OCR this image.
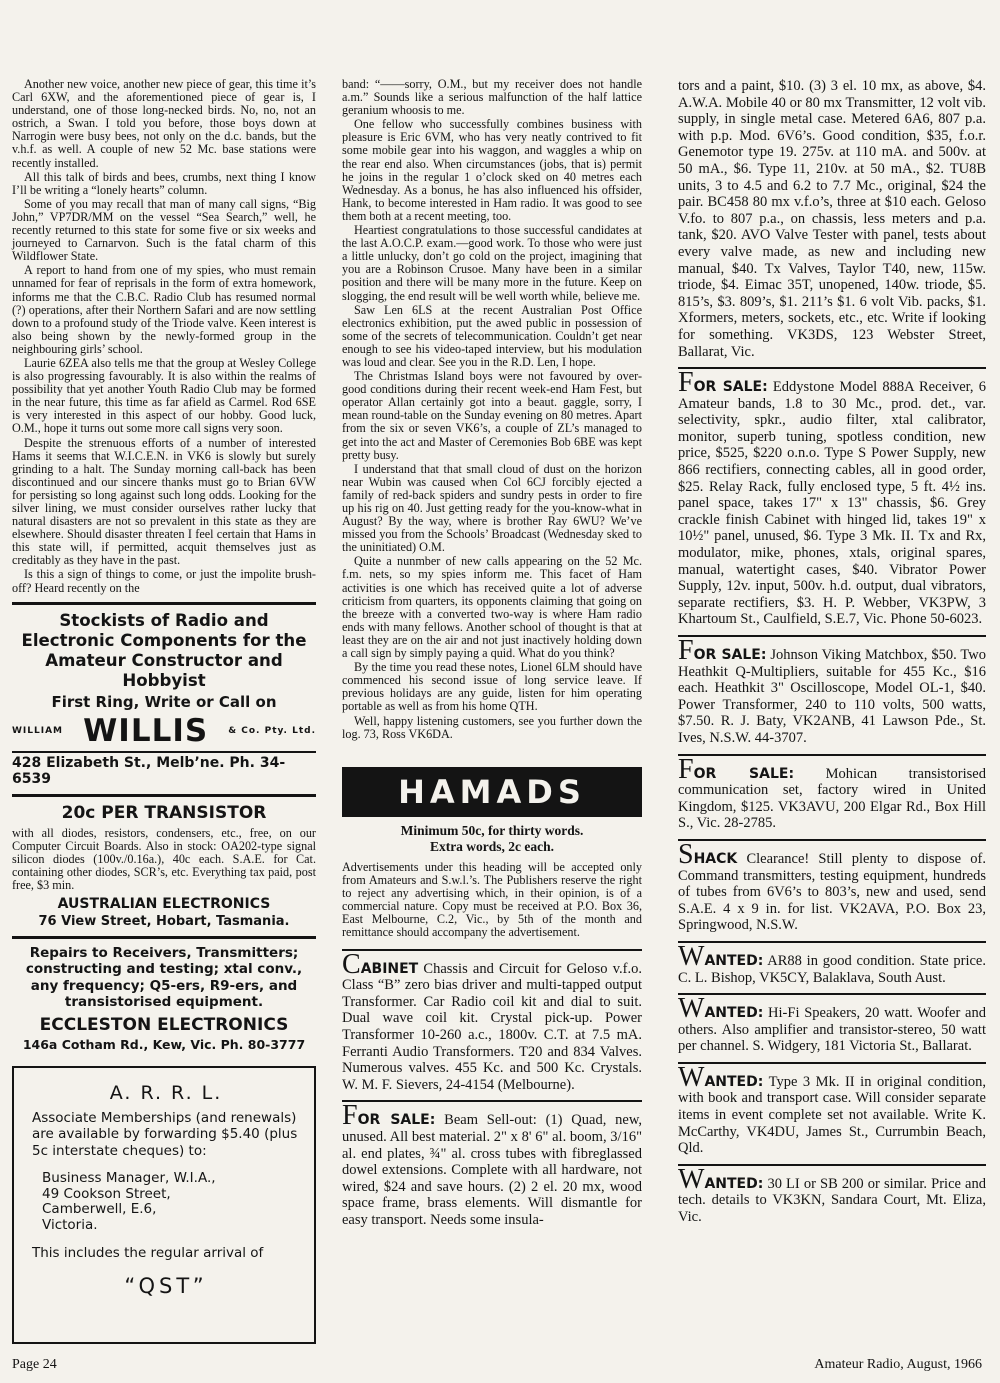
Another new voice, another new piece of gear, this time it’s Carl 6XW, and the aforementioned piece of gear is, I understand, one of those long-necked birds. No, no, not an ostrich, a Swan. I told you before, those boys down at Narrogin were busy bees, not only on the d.c. bands, but the v.h.f. as well. A couple of new 52 Mc. base stations were recently installed.

All this talk of birds and bees, crumbs, next thing I know I’ll be writing a “lonely hearts” column.

Some of you may recall that man of many call signs, “Big John,” VP7DR/MM on the vessel “Sea Search,” well, he recently returned to this state for some five or six weeks and journeyed to Carnarvon. Such is the fatal charm of this Wildflower State.

A report to hand from one of my spies, who must remain unnamed for fear of reprisals in the form of extra homework, informs me that the C.B.C. Radio Club has resumed normal (?) operations, after their Northern Safari and are now settling down to a profound study of the Triode valve. Keen interest is also being shown by the newly-formed group in the neighbouring girls’ school.

Laurie 6ZEA also tells me that the group at Wesley College is also progressing favourably. It is also within the realms of possibility that yet another Youth Radio Club may be formed in the near future, this time as far afield as Carmel. Rod 6SE is very interested in this aspect of our hobby. Good luck, O.M., hope it turns out some more call signs very soon.

Despite the strenuous efforts of a number of interested Hams it seems that W.I.C.E.N. in VK6 is slowly but surely grinding to a halt. The Sunday morning call-back has been discontinued and our sincere thanks must go to Brian 6VW for persisting so long against such long odds. Looking for the silver lining, we must consider ourselves rather lucky that natural disasters are not so prevalent in this state as they are elsewhere. Should disaster threaten I feel certain that Hams in this state will, if permitted, acquit themselves just as creditably as they have in the past.

Is this a sign of things to come, or just the impolite brush-off? Heard recently on the

Stockists of Radio and Electronic Components for the Amateur Constructor and Hobbyist
First Ring, Write or Call on
WILLIAM WILLIS & Co. Pty. Ltd.
428 Elizabeth St., Melb’ne. Ph. 34-6539
20c PER TRANSISTOR
with all diodes, resistors, condensers, etc., free, on our Computer Circuit Boards. Also in stock: OA202-type signal silicon diodes (100v./0.16a.), 40c each. S.A.E. for Cat. containing other diodes, SCR’s, etc. Everything tax paid, post free, $3 min.
AUSTRALIAN ELECTRONICS
76 View Street, Hobart, Tasmania.
Repairs to Receivers, Transmitters; constructing and testing; xtal conv., any frequency; Q5-ers, R9-ers, and transistorised equipment.
ECCLESTON ELECTRONICS
146a Cotham Rd., Kew, Vic. Ph. 80-3777
A. R. R. L.
Associate Memberships (and renewals) are available by forwarding $5.40 (plus 5c interstate cheques) to:
Business Manager, W.I.A.,
49 Cookson Street,
Camberwell, E.6,
Victoria.
This includes the regular arrival of
“QST”

band: “——sorry, O.M., but my receiver does not handle a.m.” Sounds like a serious malfunction of the half lattice geranium whoosis to me.

One fellow who successfully combines business with pleasure is Eric 6VM, who has very neatly contrived to fit some mobile gear into his waggon, and waggles a whip on the rear end also. When circumstances (jobs, that is) permit he joins in the regular 1 o’clock sked on 40 metres each Wednesday. As a bonus, he has also influenced his offsider, Hank, to become interested in Ham radio. It was good to see them both at a recent meeting, too.

Heartiest congratulations to those successful candidates at the last A.O.C.P. exam.—good work. To those who were just a little unlucky, don’t go cold on the project, imagining that you are a Robinson Crusoe. Many have been in a similar position and there will be many more in the future. Keep on slogging, the end result will be well worth while, believe me.

Saw Len 6LS at the recent Australian Post Office electronics exhibition, put the awed public in possession of some of the secrets of telecommunication. Couldn’t get near enough to see his video-taped interview, but his modulation was loud and clear. See you in the R.D. Len, I hope.

The Christmas Island boys were not favoured by over-good conditions during their recent week-end Ham Fest, but operator Allan certainly got into a beaut. gaggle, sorry, I mean round-table on the Sunday evening on 80 metres. Apart from the six or seven VK6’s, a couple of ZL’s managed to get into the act and Master of Ceremonies Bob 6BE was kept pretty busy.

I understand that that small cloud of dust on the horizon near Wubin was caused when Col 6CJ forcibly ejected a family of red-back spiders and sundry pests in order to fire up his rig on 40. Just getting ready for the you-know-what in August? By the way, where is brother Ray 6WU? We’ve missed you from the Schools’ Broadcast (Wednesday sked to the uninitiated) O.M.

Quite a nunmber of new calls appearing on the 52 Mc. f.m. nets, so my spies inform me. This facet of Ham activities is one which has received quite a lot of adverse criticism from quarters, its opponents claiming that going on the breeze with a converted two-way is where Ham radio ends with many fellows. Another school of thought is that at least they are on the air and not just inactively holding down a call sign by simply paying a quid. What do you think?

By the time you read these notes, Lionel 6LM should have commenced his second issue of long service leave. If previous holidays are any guide, listen for him operating portable as well as from his home QTH.

Well, happy listening customers, see you further down the log. 73, Ross VK6DA.

HAMADS
Minimum 50c, for thirty words.
Extra words, 2c each.
Advertisements under this heading will be accepted only from Amateurs and S.w.l.’s. The Publishers reserve the right to reject any advertising which, in their opinion, is of a commercial nature. Copy must be received at P.O. Box 36, East Melbourne, C.2, Vic., by 5th of the month and remittance should accompany the advertisement.
CABINET Chassis and Circuit for Geloso v.f.o. Class “B” zero bias driver and multi-tapped output Transformer. Car Radio coil kit and dial to suit. Dual wave coil kit. Crystal pick-up. Power Transformer 10-260 a.c., 1800v. C.T. at 7.5 mA. Ferranti Audio Transformers. T20 and 834 Valves. Numerous valves. 455 Kc. and 500 Kc. Crystals. W. M. F. Sievers, 24-4154 (Melbourne).
FOR SALE: Beam Sell-out: (1) Quad, new, unused. All best material. 2" x 8' 6" al. boom, 3/16" al. end plates, ¾" al. cross tubes with fibreglassed dowel extensions. Complete with all hardware, not wired, $24 and save hours. (2) 2 el. 20 mx, wood space frame, brass elements. Will dismantle for easy transport. Needs some insula-
tors and a paint, $10. (3) 3 el. 10 mx, as above, $4. A.W.A. Mobile 40 or 80 mx Transmitter, 12 volt vib. supply, in single metal case. Metered 6A6, 807 p.a. with p.p. Mod. 6V6’s. Good condition, $35, f.o.r. Genemotor type 19. 275v. at 110 mA. and 500v. at 50 mA., $6. Type 11, 210v. at 50 mA., $2. TU8B units, 3 to 4.5 and 6.2 to 7.7 Mc., original, $24 the pair. BC458 80 mx v.f.o’s, three at $10 each. Geloso V.fo. to 807 p.a., on chassis, less meters and p.a. tank, $20. AVO Valve Tester with panel, tests about every valve made, as new and including new manual, $40. Tx Valves, Taylor T40, new, 115w. triode, $4. Eimac 35T, unopened, 140w. triode, $5. 815’s, $3. 809’s, $1. 211’s $1. 6 volt Vib. packs, $1. Xformers, meters, sockets, etc., etc. Write if looking for something. VK3DS, 123 Webster Street, Ballarat, Vic.
FOR SALE: Eddystone Model 888A Receiver, 6 Amateur bands, 1.8 to 30 Mc., prod. det., var. selectivity, spkr., audio filter, xtal calibrator, monitor, superb tuning, spotless condition, new price, $525, $220 o.n.o. Type S Power Supply, new 866 rectifiers, connecting cables, all in good order, $25. Relay Rack, fully enclosed type, 5 ft. 4½ ins. panel space, takes 17" x 13" chassis, $6. Grey crackle finish Cabinet with hinged lid, takes 19" x 10½" panel, unused, $6. Type 3 Mk. II. Tx and Rx, modulator, mike, phones, xtals, original spares, manual, watertight cases, $40. Vibrator Power Supply, 12v. input, 500v. h.d. output, dual vibrators, separate rectifiers, $3. H. P. Webber, VK3PW, 3 Khartoum St., Caulfield, S.E.7, Vic. Phone 50-6023.
FOR SALE: Johnson Viking Matchbox, $50. Two Heathkit Q-Multipliers, suitable for 455 Kc., $16 each. Heathkit 3" Oscilloscope, Model OL-1, $40. Power Transformer, 240 to 110 volts, 500 watts, $7.50. R. J. Baty, VK2ANB, 41 Lawson Pde., St. Ives, N.S.W. 44-3707.
FOR SALE: Mohican transistorised communication set, factory wired in United Kingdom, $125. VK3AVU, 200 Elgar Rd., Box Hill S., Vic. 28-2785.
SHACK Clearance! Still plenty to dispose of. Command transmitters, testing equipment, hundreds of tubes from 6V6’s to 803’s, new and used, send S.A.E. 4 x 9 in. for list. VK2AVA, P.O. Box 23, Springwood, N.S.W.
WANTED: AR88 in good condition. State price. C. L. Bishop, VK5CY, Balaklava, South Aust.
WANTED: Hi-Fi Speakers, 20 watt. Woofer and others. Also amplifier and transistor-stereo, 50 watt per channel. S. Widgery, 181 Victoria St., Ballarat.
WANTED: Type 3 Mk. II in original condition, with book and transport case. Will consider separate items in event complete set not available. Write K. McCarthy, VK4DU, James St., Currumbin Beach, Qld.
WANTED: 30 LI or SB 200 or similar. Price and tech. details to VK3KN, Sandara Court, Mt. Eliza, Vic.
Page 24	Amateur Radio, August, 1966
